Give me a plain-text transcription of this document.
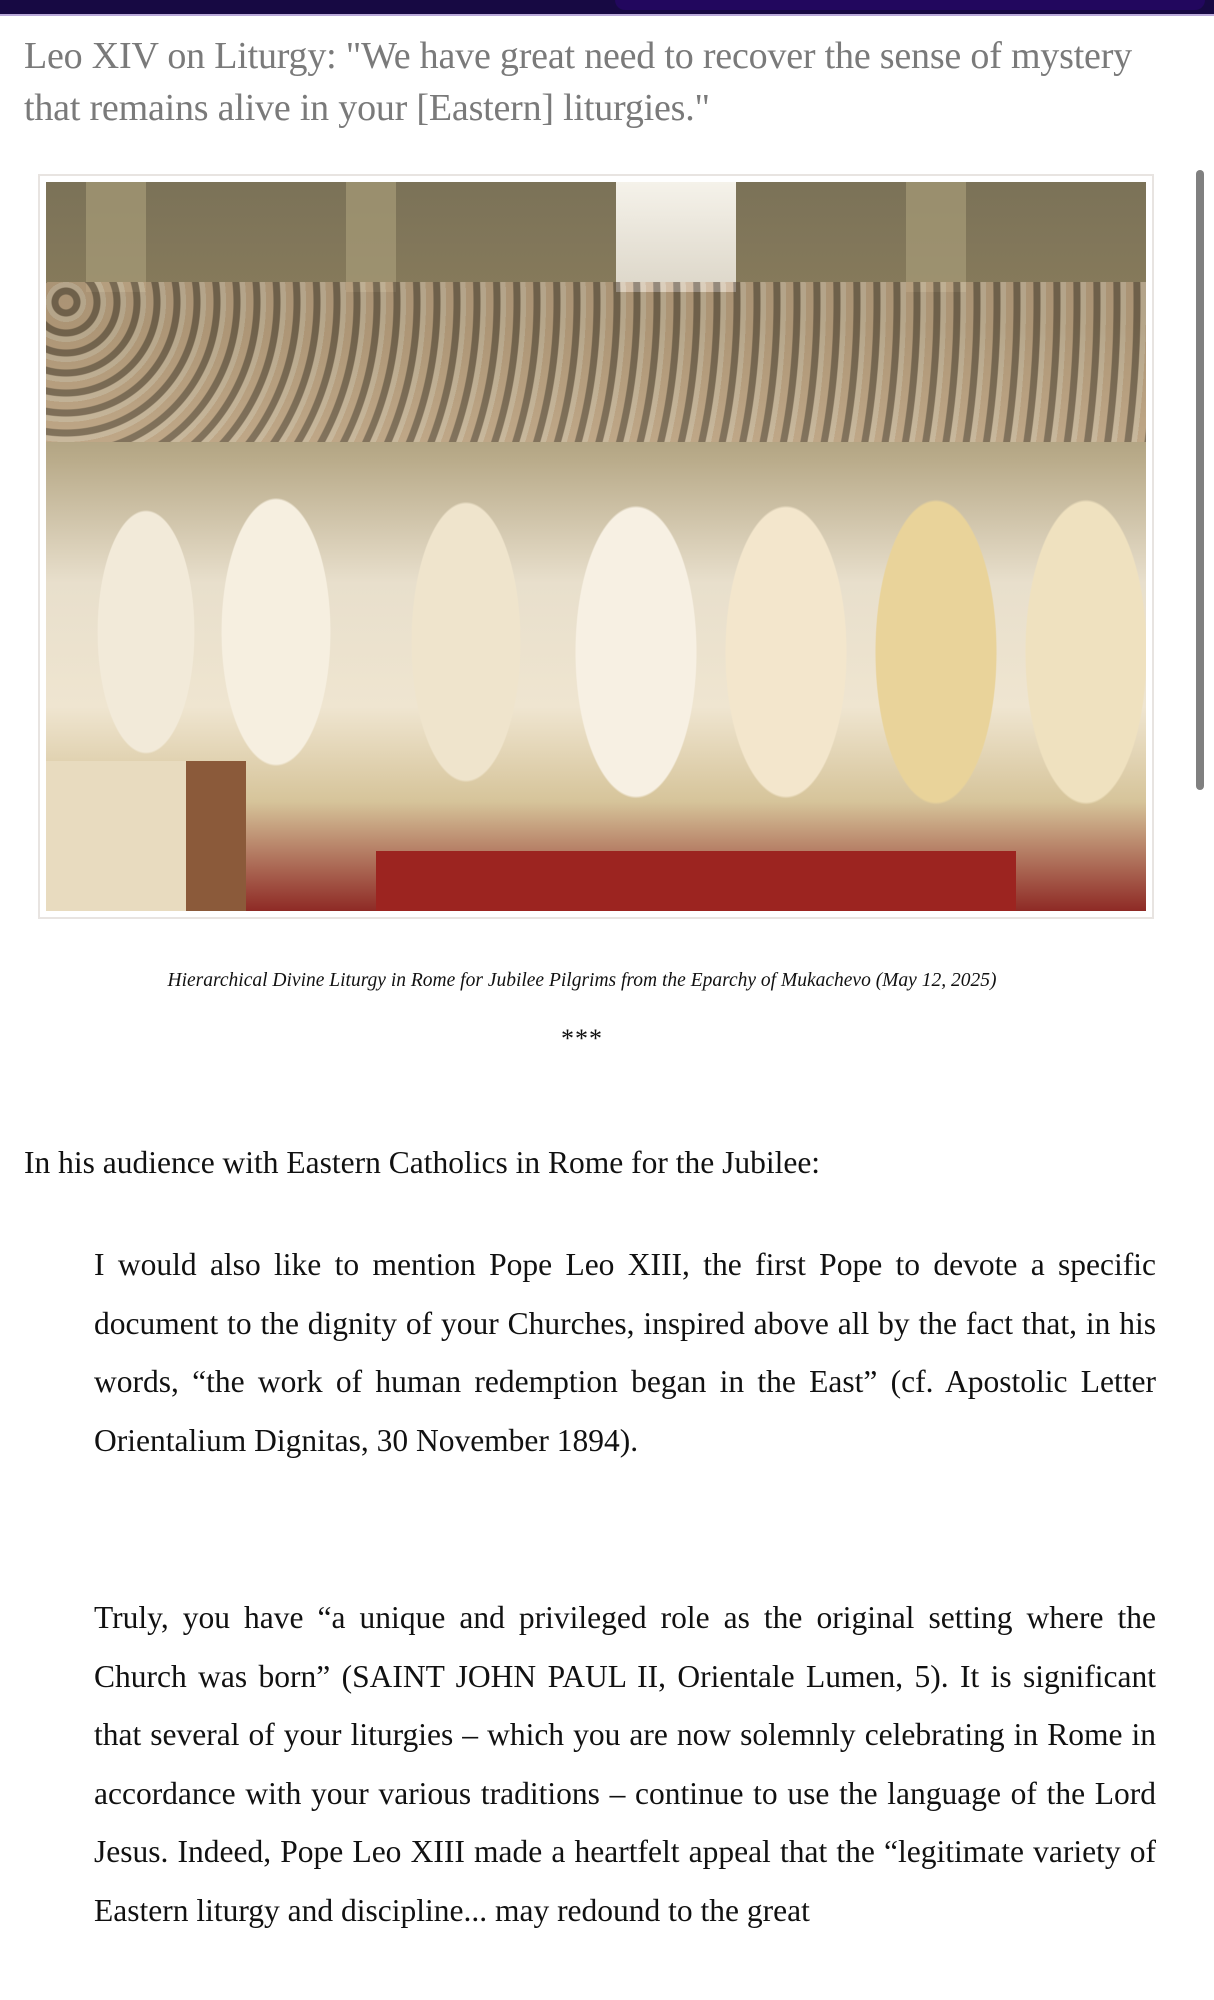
Leo XIV on Liturgy: "We have great need to recover the sense of mystery that remains alive in your [Eastern] liturgies."

Hierarchical Divine Liturgy in Rome for Jubilee Pilgrims from the Eparchy of Mukachevo (May 12, 2025)

***

In his audience with Eastern Catholics in Rome for the Jubilee:

I would also like to mention Pope Leo XIII, the first Pope to devote a specific document to the dignity of your Churches, inspired above all by the fact that, in his words, “the work of human redemption began in the East” (cf. Apostolic Letter Orientalium Dignitas, 30 November 1894).
Truly, you have “a unique and privileged role as the original setting where the Church was born” (SAINT JOHN PAUL II, Orientale Lumen, 5). It is significant that several of your liturgies – which you are now solemnly celebrating in Rome in accordance with your various traditions – continue to use the language of the Lord Jesus. Indeed, Pope Leo XIII made a heartfelt appeal that the “legitimate variety of Eastern liturgy and discipline... may redound to the great
